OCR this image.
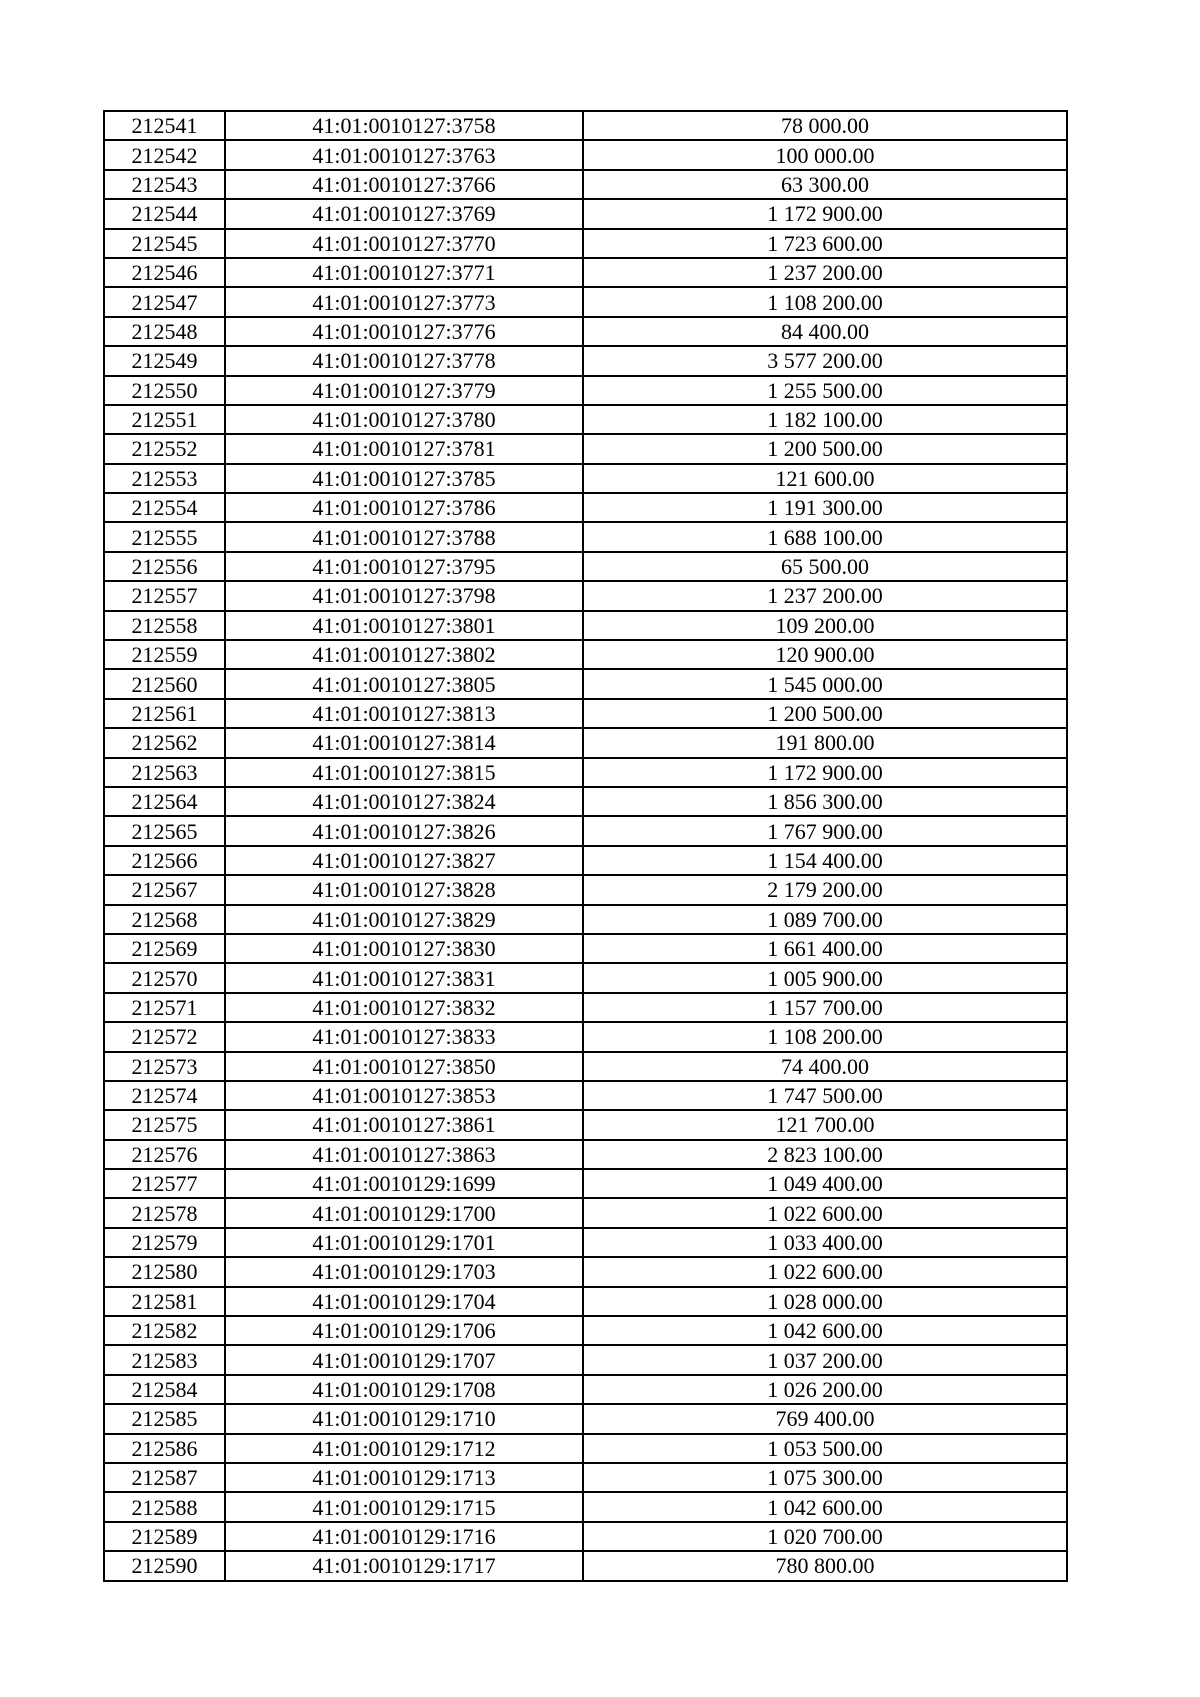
212541	41:01:0010127:3758	78 000.00
212542	41:01:0010127:3763	100 000.00
212543	41:01:0010127:3766	63 300.00
212544	41:01:0010127:3769	1 172 900.00
212545	41:01:0010127:3770	1 723 600.00
212546	41:01:0010127:3771	1 237 200.00
212547	41:01:0010127:3773	1 108 200.00
212548	41:01:0010127:3776	84 400.00
212549	41:01:0010127:3778	3 577 200.00
212550	41:01:0010127:3779	1 255 500.00
212551	41:01:0010127:3780	1 182 100.00
212552	41:01:0010127:3781	1 200 500.00
212553	41:01:0010127:3785	121 600.00
212554	41:01:0010127:3786	1 191 300.00
212555	41:01:0010127:3788	1 688 100.00
212556	41:01:0010127:3795	65 500.00
212557	41:01:0010127:3798	1 237 200.00
212558	41:01:0010127:3801	109 200.00
212559	41:01:0010127:3802	120 900.00
212560	41:01:0010127:3805	1 545 000.00
212561	41:01:0010127:3813	1 200 500.00
212562	41:01:0010127:3814	191 800.00
212563	41:01:0010127:3815	1 172 900.00
212564	41:01:0010127:3824	1 856 300.00
212565	41:01:0010127:3826	1 767 900.00
212566	41:01:0010127:3827	1 154 400.00
212567	41:01:0010127:3828	2 179 200.00
212568	41:01:0010127:3829	1 089 700.00
212569	41:01:0010127:3830	1 661 400.00
212570	41:01:0010127:3831	1 005 900.00
212571	41:01:0010127:3832	1 157 700.00
212572	41:01:0010127:3833	1 108 200.00
212573	41:01:0010127:3850	74 400.00
212574	41:01:0010127:3853	1 747 500.00
212575	41:01:0010127:3861	121 700.00
212576	41:01:0010127:3863	2 823 100.00
212577	41:01:0010129:1699	1 049 400.00
212578	41:01:0010129:1700	1 022 600.00
212579	41:01:0010129:1701	1 033 400.00
212580	41:01:0010129:1703	1 022 600.00
212581	41:01:0010129:1704	1 028 000.00
212582	41:01:0010129:1706	1 042 600.00
212583	41:01:0010129:1707	1 037 200.00
212584	41:01:0010129:1708	1 026 200.00
212585	41:01:0010129:1710	769 400.00
212586	41:01:0010129:1712	1 053 500.00
212587	41:01:0010129:1713	1 075 300.00
212588	41:01:0010129:1715	1 042 600.00
212589	41:01:0010129:1716	1 020 700.00
212590	41:01:0010129:1717	780 800.00
